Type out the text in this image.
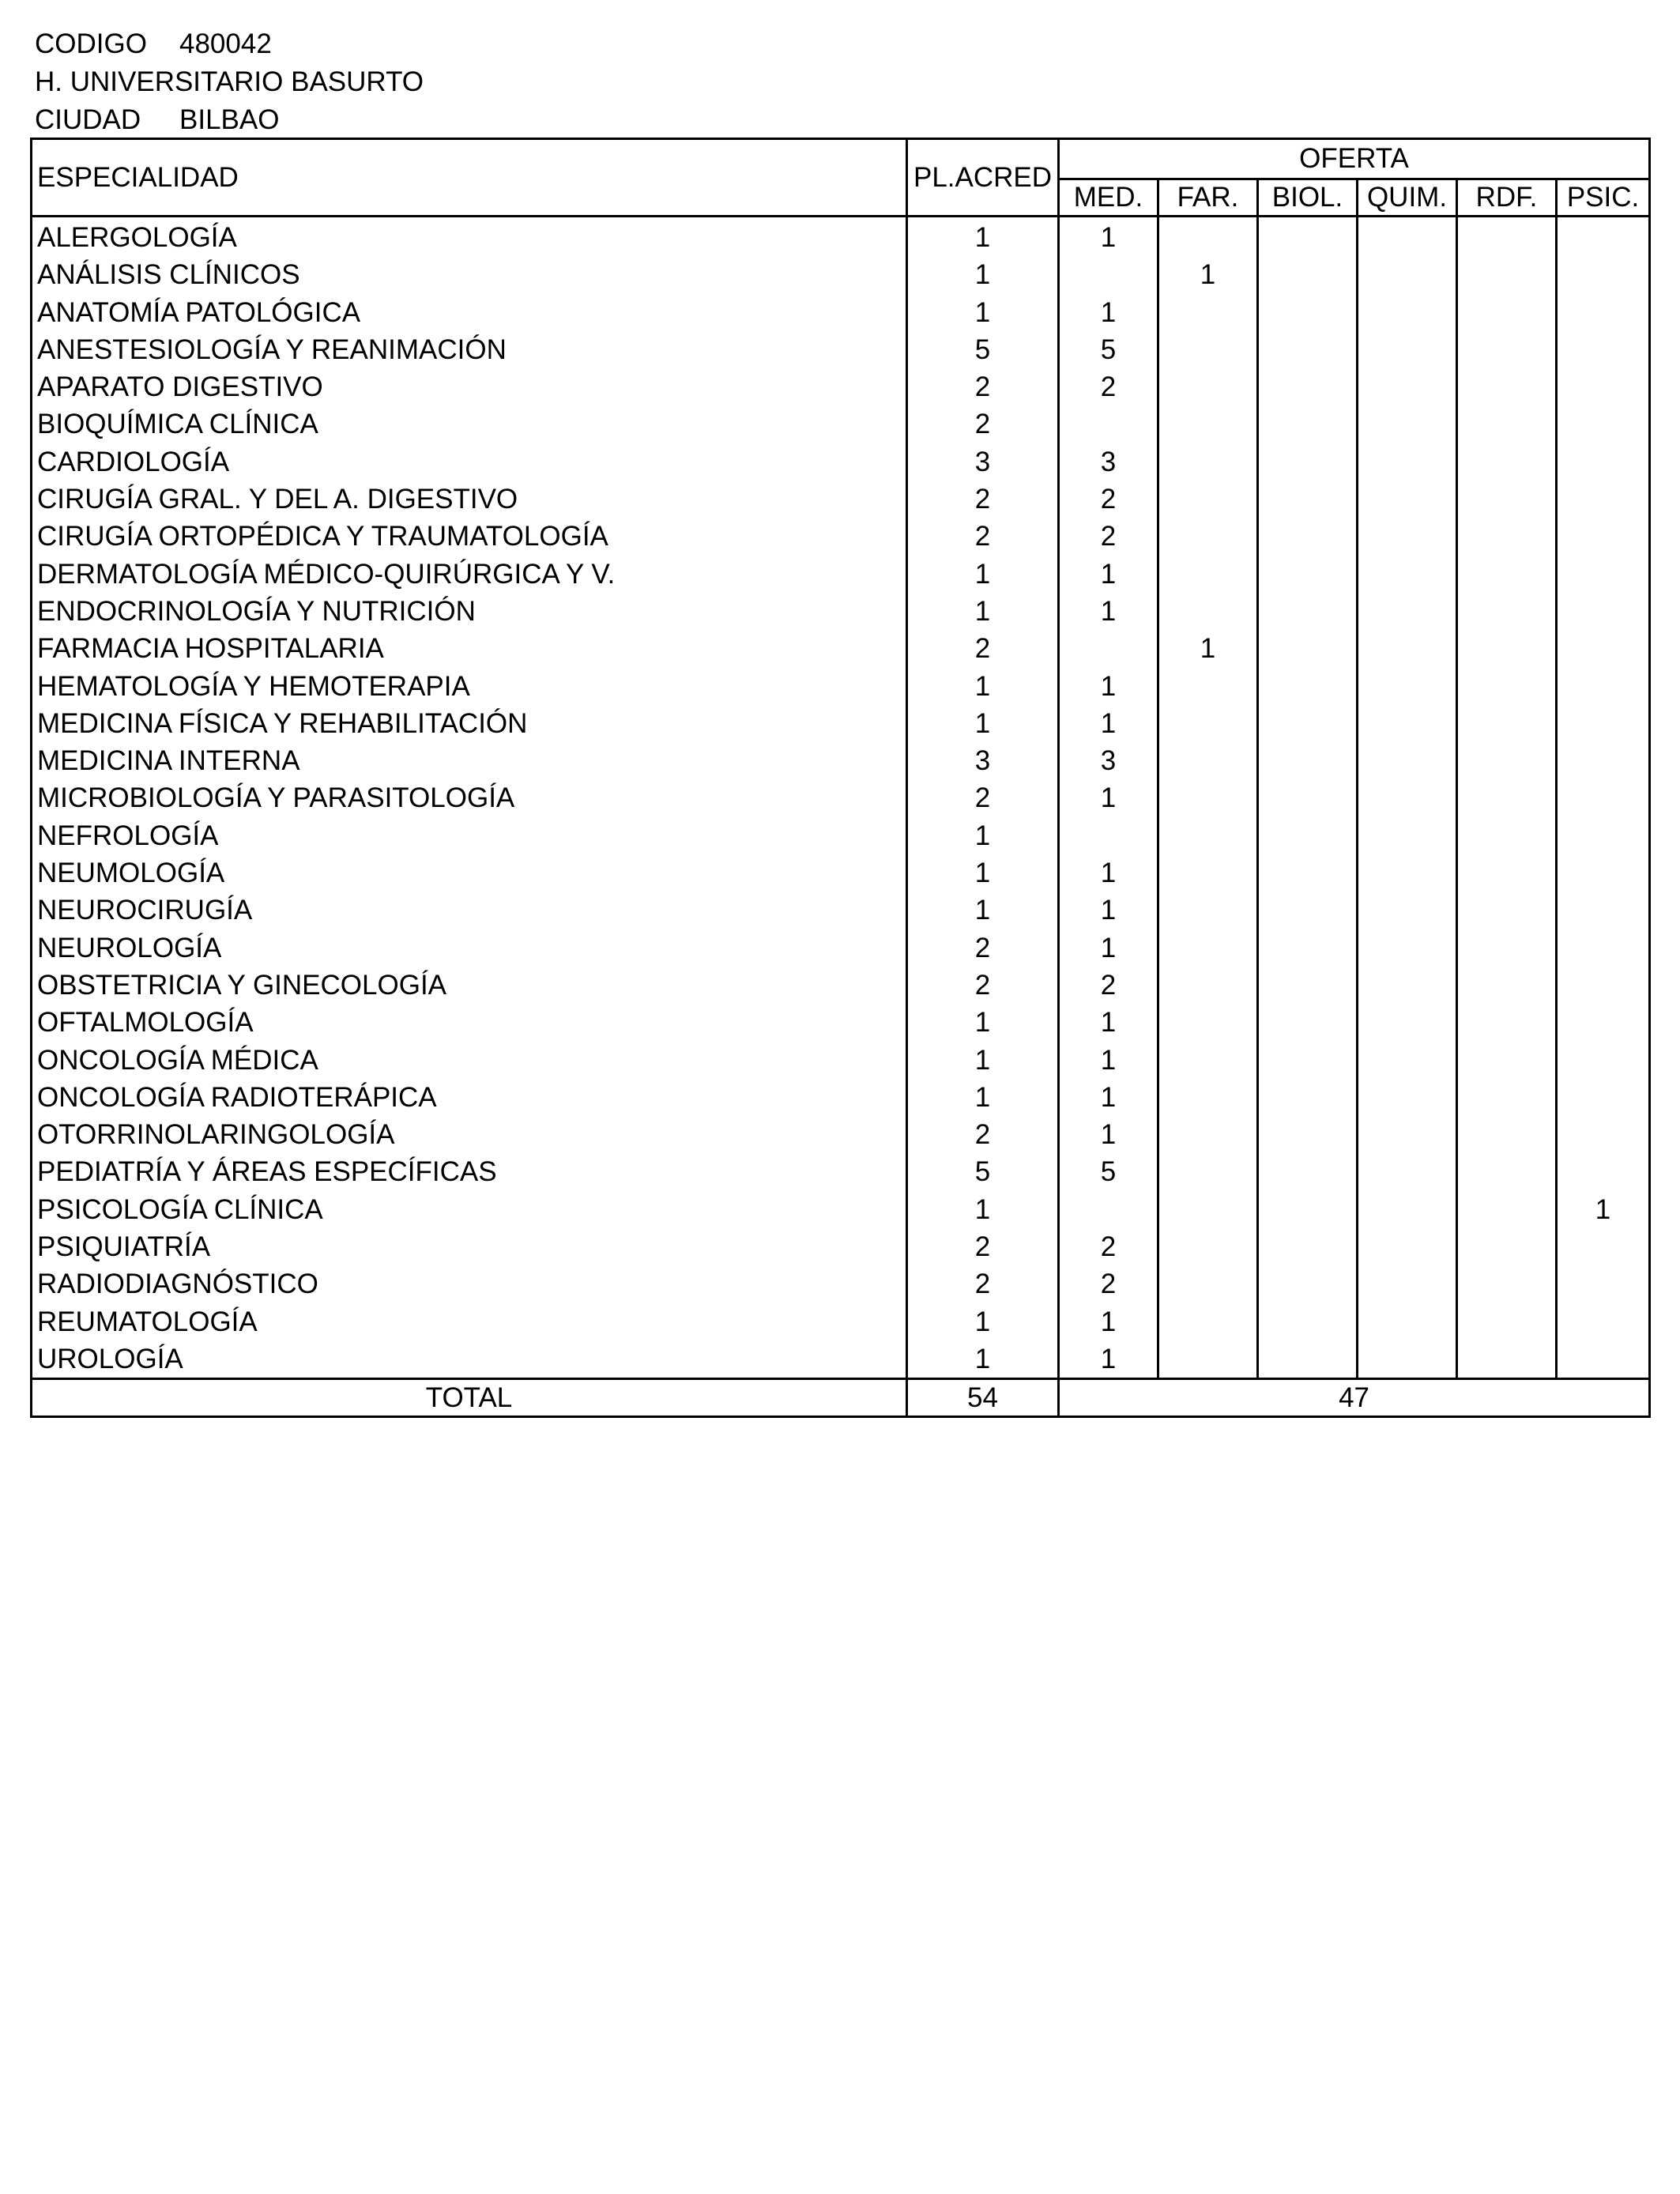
CODIGO 480042
H. UNIVERSITARIO BASURTO
CIUDAD BILBAO
ESPECIALIDAD	PL.ACRED	OFERTA					
		MED.	FAR.	BIOL.	QUIM.	RDF.	PSIC.
ALERGOLOGÍA	1	1					
ANÁLISIS CLÍNICOS	1		1				
ANATOMÍA PATOLÓGICA	1	1					
ANESTESIOLOGÍA Y REANIMACIÓN	5	5					
APARATO DIGESTIVO	2	2					
BIOQUÍMICA CLÍNICA	2						
CARDIOLOGÍA	3	3					
CIRUGÍA GRAL. Y DEL A. DIGESTIVO	2	2					
CIRUGÍA ORTOPÉDICA Y TRAUMATOLOGÍA	2	2					
DERMATOLOGÍA MÉDICO-QUIRÚRGICA Y V.	1	1					
ENDOCRINOLOGÍA Y NUTRICIÓN	1	1					
FARMACIA HOSPITALARIA	2		1				
HEMATOLOGÍA Y HEMOTERAPIA	1	1					
MEDICINA FÍSICA Y REHABILITACIÓN	1	1					
MEDICINA INTERNA	3	3					
MICROBIOLOGÍA Y PARASITOLOGÍA	2	1					
NEFROLOGÍA	1						
NEUMOLOGÍA	1	1					
NEUROCIRUGÍA	1	1					
NEUROLOGÍA	2	1					
OBSTETRICIA Y GINECOLOGÍA	2	2					
OFTALMOLOGÍA	1	1					
ONCOLOGÍA MÉDICA	1	1					
ONCOLOGÍA RADIOTERÁPICA	1	1					
OTORRINOLARINGOLOGÍA	2	1					
PEDIATRÍA Y ÁREAS ESPECÍFICAS	5	5					
PSICOLOGÍA CLÍNICA	1						1
PSIQUIATRÍA	2	2					
RADIODIAGNÓSTICO	2	2					
REUMATOLOGÍA	1	1					
UROLOGÍA	1	1					
TOTAL	54	47					
